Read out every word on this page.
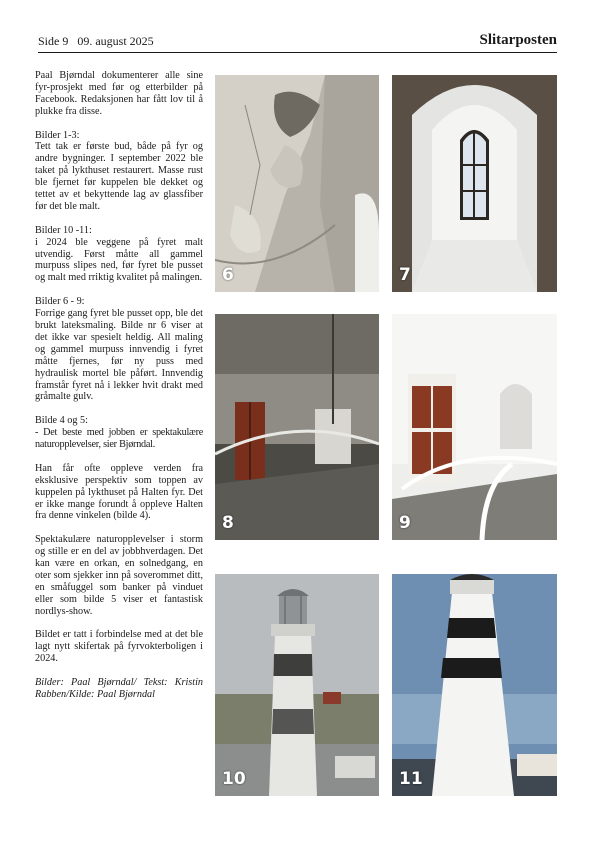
Side 9 09. august 2025	Slitarposten

Paal Bjørndal dokumenterer alle sine fyr-prosjekt med før og etterbilder på Facebook. Redaksjonen har fått lov til å plukke fra disse.

Bilder 1-3:
Tett tak er første bud, både på fyr og andre bygninger. I september 2022 ble taket på lykthuset restaurert. Masse rust ble fjernet før kuppelen ble dekket og tettet av et bekyttende lag av glassfiber før det ble malt.

Bilder 10 -11:
i 2024 ble veggene på fyret malt utvendig. Først måtte all gammel murpuss slipes ned, før fyret ble pusset og malt med rriktig kvalitet på malingen.

Bilder 6 - 9:
Forrige gang fyret ble pusset opp, ble det brukt lateksmaling. Bilde nr 6 viser at det ikke var spesielt heldig. All maling og gammel murpuss innvendig i fyret måtte fjernes, før ny puss med hydraulisk mortel ble påført. Innvendig framstår fyret nå i lekker hvit drakt med gråmalte gulv.

Bilde 4 og 5:
- Det beste med jobben er spektakulære naturopplevelser, sier Bjørndal.

Han får ofte oppleve verden fra eksklusive perspektiv som toppen av kuppelen på lykthuset på Halten fyr. Det er ikke mange forundt å oppleve Halten fra denne vinkelen (bilde 4).

Spektakulære naturopplevelser i storm og stille er en del av jobbhverdagen. Det kan være en orkan, en solnedgang, en oter som sjekker inn på soverommet ditt, en småfuggel som banker på vinduet eller som bilde 5 viser et fantastisk nordlys-show.

Bildet er tatt i forbindelse med at det ble lagt nytt skifertak på fyrvokterboligen i 2024.

Bilder: Paal Bjørndal/ Tekst: Kristin Rabben/Kilde: Paal Bjørndal

6	7
8	9
10	11
